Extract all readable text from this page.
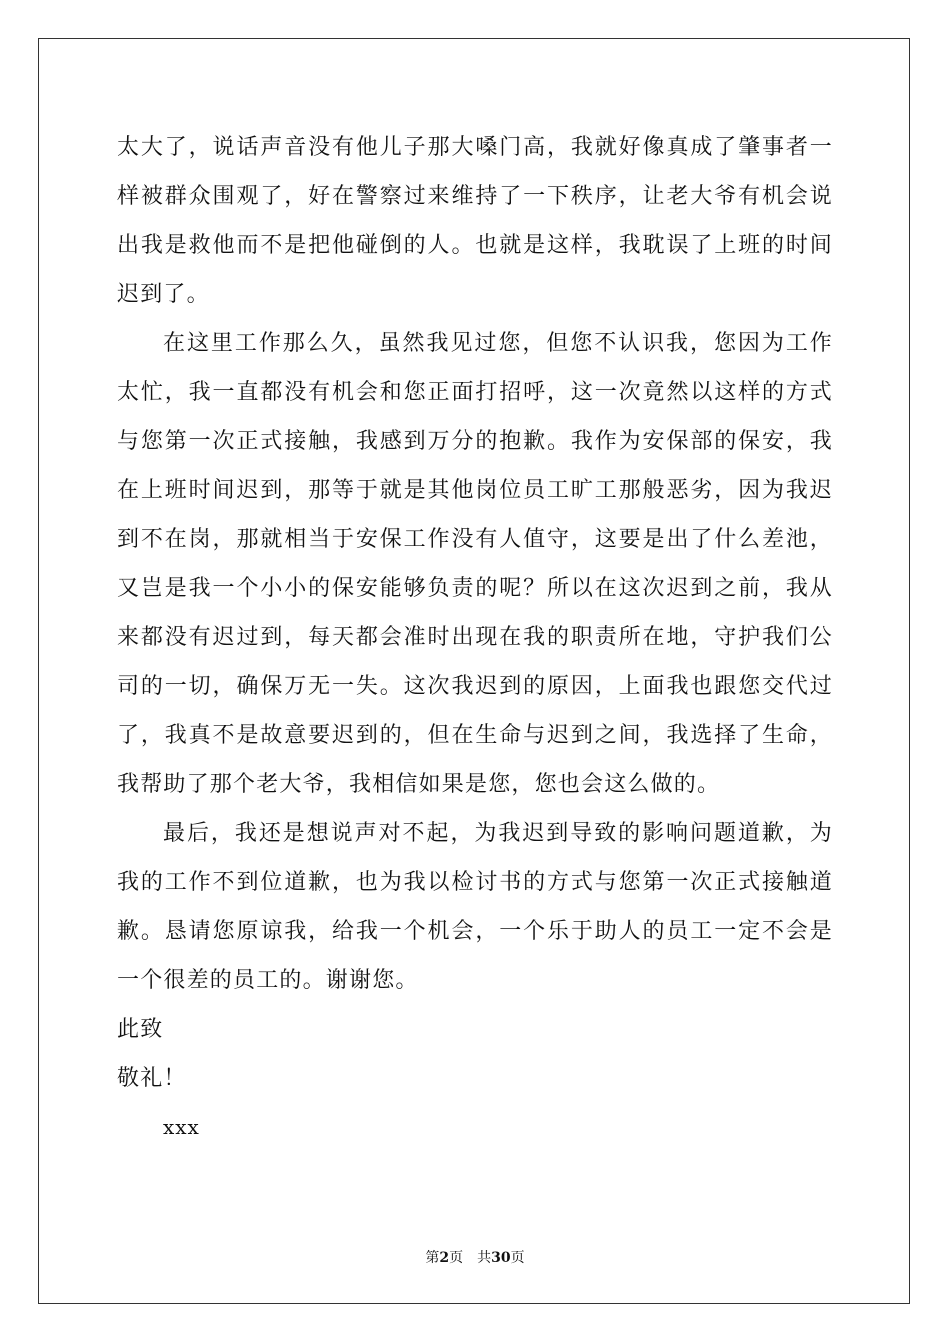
太大了，说话声音没有他儿子那大嗓门高，我就好像真成了肇事者一样被群众围观了，好在警察过来维持了一下秩序，让老大爷有机会说出我是救他而不是把他碰倒的人。也就是这样，我耽误了上班的时间迟到了。

在这里工作那么久，虽然我见过您，但您不认识我，您因为工作太忙，我一直都没有机会和您正面打招呼，这一次竟然以这样的方式与您第一次正式接触，我感到万分的抱歉。我作为安保部的保安，我在上班时间迟到，那等于就是其他岗位员工旷工那般恶劣，因为我迟到不在岗，那就相当于安保工作没有人值守，这要是出了什么差池，又岂是我一个小小的保安能够负责的呢？所以在这次迟到之前，我从来都没有迟过到，每天都会准时出现在我的职责所在地，守护我们公司的一切，确保万无一失。这次我迟到的原因，上面我也跟您交代过了，我真不是故意要迟到的，但在生命与迟到之间，我选择了生命，我帮助了那个老大爷，我相信如果是您，您也会这么做的。

最后，我还是想说声对不起，为我迟到导致的影响问题道歉，为我的工作不到位道歉，也为我以检讨书的方式与您第一次正式接触道歉。恳请您原谅我，给我一个机会，一个乐于助人的员工一定不会是一个很差的员工的。谢谢您。

此致

敬礼！

xxx

第2页 共30页
